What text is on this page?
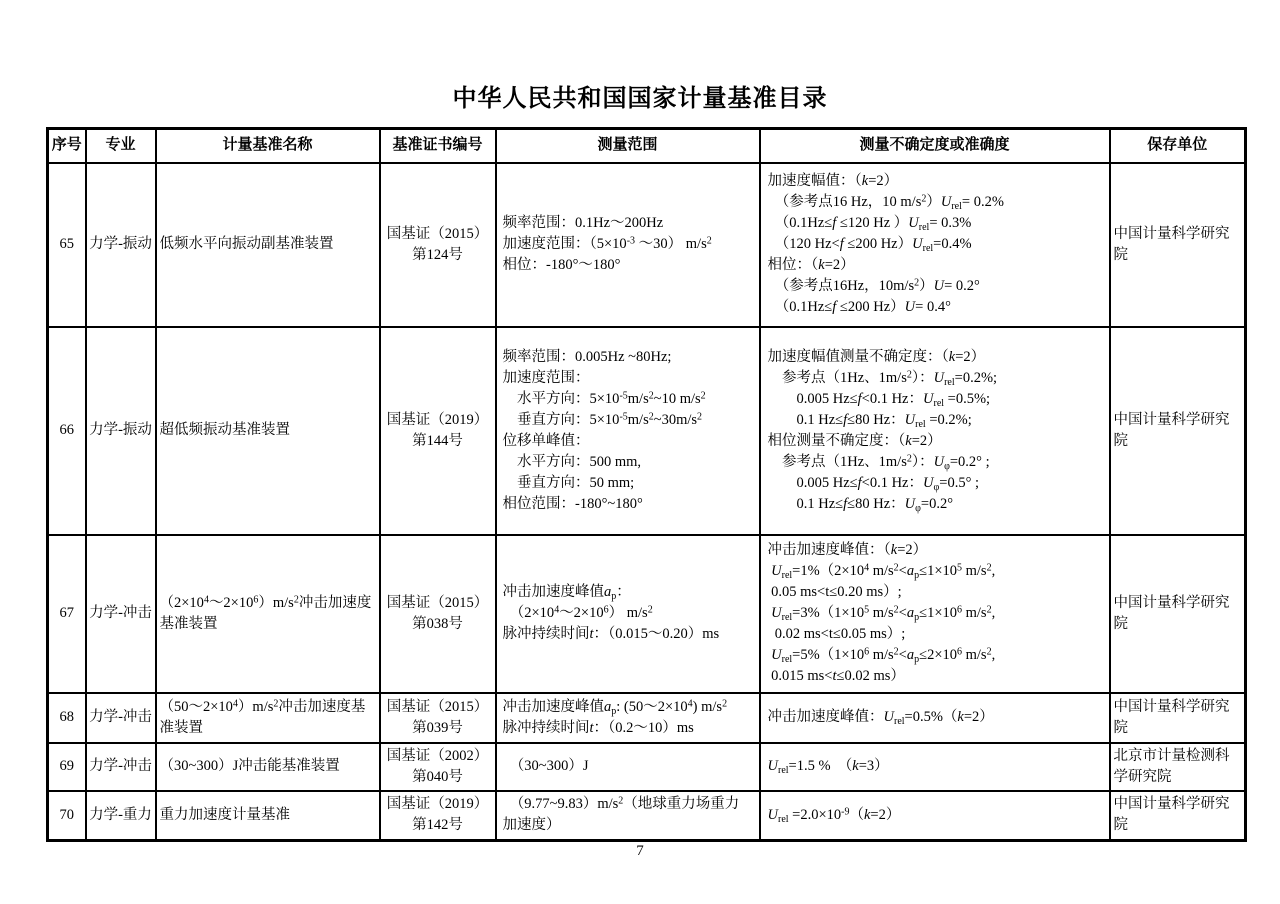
中华人民共和国国家计量基准目录
序号	专业	计量基准名称	基准证书编号	测量范围	测量不确定度或准确度	保存单位
65	力学-振动	低频水平向振动副基准装置	国基证（2015）
第124号	频率范围：0.1Hz～200Hz
加速度范围：（$5\times 10^{-3}$ ～30） $m/s^2$
相位：-180°～180°	加速度幅值：（k=2）
　（参考点16 Hz，10 $m/s^2)U_{rel}= 0.2\%$
　（0.1Hz≤f ≤120 Hz ）$U_{rel}= 0.3\%$
　（120 Hz<f ≤200 $Hz)U_{rel}=0.4\%$
相位：（k=2）
　（参考点16Hz，$10m/s^2)U= 0.2^\circ$
　（0.1Hz≤f ≤200 Hz）U= 0.4°	中国计量科学研究院
66	力学-振动	超低频振动基准装置	国基证（2019）
第144号	频率范围：0.005Hz ~80Hz;
加速度范围：
　水平方向：$5\times 10^{-5}m/s^2\sim 10$ $m/s^2$
　垂直方向：$5\times 10^{-5}m/s^2\sim 30m/s^2$
位移单峰值：
　水平方向：500 mm,
　垂直方向：50 mm;
相位范围：-180°~180°	加速度幅值测量不确定度：（k=2）
　参考点（1Hz、$1m/s^2$）：$U_{rel}=0.2\%$;
　　0.005 Hz≤f<0.1 Hz：$U_{rel} =0.5\%$;
　　0.1 Hz≤f≤80 Hz：$U_{rel} =0.2\%$;
相位测量不确定度：（k=2）
　参考点（1Hz、$1m/s^2$）：$U_\varphi=0.2^\circ$ ;
　　0.005 Hz≤f<0.1 Hz：$U_\varphi=0.5^\circ$ ;
　　0.1 Hz≤f≤80 Hz：$U_\varphi=0.2^\circ$	中国计量科学研究院
67	力学-冲击	$(2\times 10^4\sim 2\times 10^6)m/s^2$冲击加速度基准装置	国基证（2015）
第038号	冲击加速度峰值$a_p$：
　$(2\times 10^4\sim 2\times 10^6)$ $m/s^2$
脉冲持续时间t：（0.015～0.20）ms	冲击加速度峰值：（k=2）
$U_{rel}=1\%(2\times 10^4$ $m/s^2<a_p\le 1\times 10^5$ $m/s^2$,
0.05 ms<t≤0.20 ms）;
$U_{rel}=3\%(1\times 10^5$ $m/s^2<a_p\le 1\times 10^6$ $m/s^2$,
0.02 ms<t≤0.05 ms）;
$U_{rel}=5\%(1\times 10^6$ $m/s^2<a_p\le 2\times 10^6$ $m/s^2$,
0.015 ms<t≤0.02 ms）	中国计量科学研究院
68	力学-冲击	$(50\sim 2\times 10^4)m/s^2$冲击加速度基准装置	国基证（2015）
第039号	冲击加速度峰值$a_p$: $(50\sim 2\times 10^4)$ $m/s^2$
脉冲持续时间t：（0.2～10）ms	冲击加速度峰值：$U_{rel}=0.5\%(k=2)$	中国计量科学研究院
69	力学-冲击	（30~300）J冲击能基准装置	国基证（2002）
第040号	　（30~300）J	$U_{rel}=1.5$ %　（k=3）	北京市计量检测科学研究院
70	力学-重力	重力加速度计量基准	国基证（2019）
第142号	　$(9.77\sim 9.83)m/s^2$（地球重力场重力加速度）	$U_{rel} =2.0\times 10^{-9}(k=2)$	中国计量科学研究院
7
